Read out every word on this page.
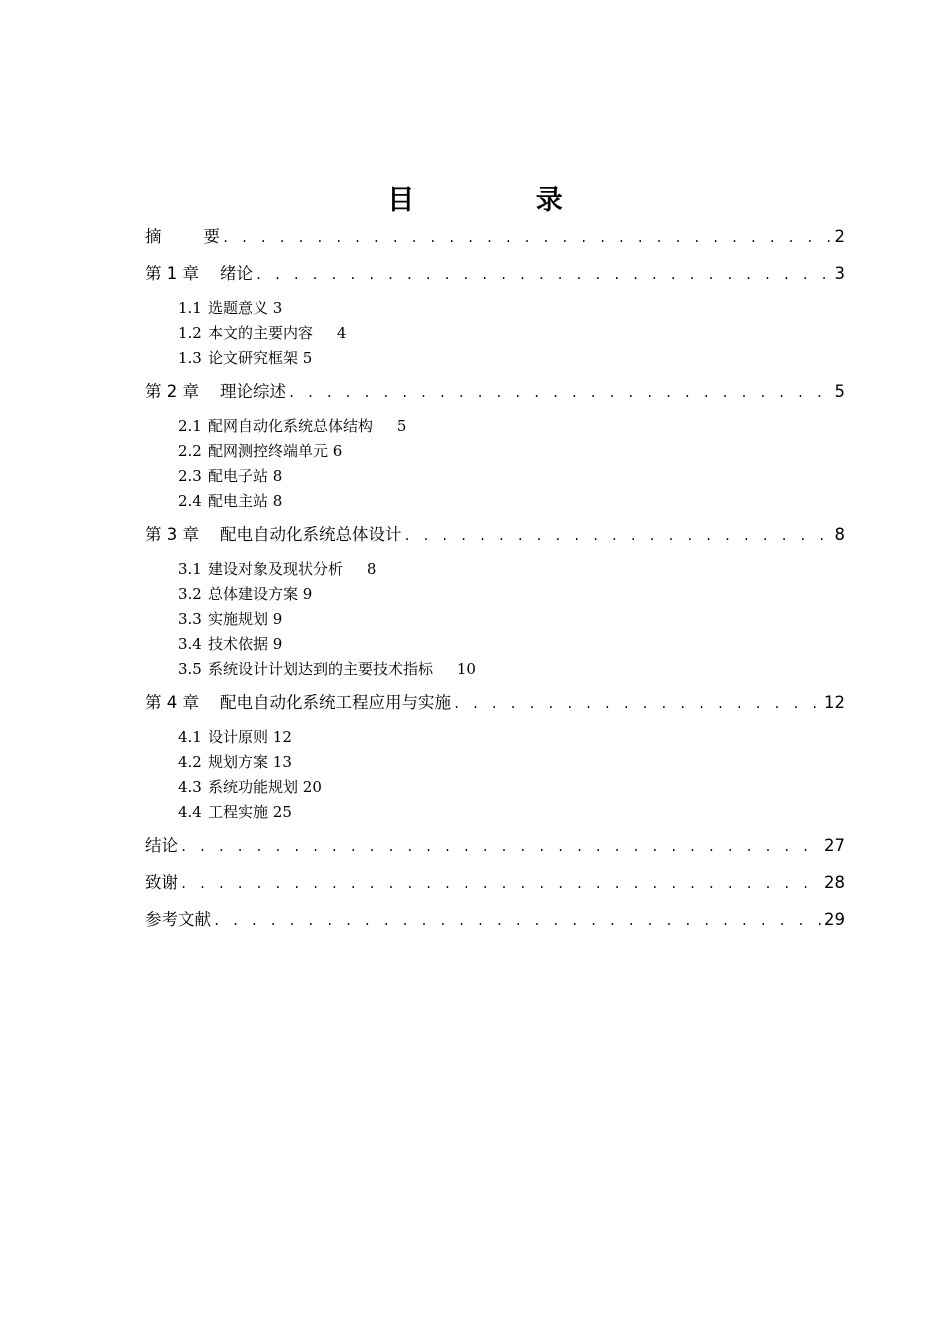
目 录
摘        要 . . .	2
第 1 章    绪论 . . .	3
1.1 选题意义 3
1.2 本文的主要内容 4
1.3 论文研究框架 5
第 2 章    理论综述 . . .	5
2.1 配网自动化系统总体结构 5
2.2 配网测控终端单元 6
2.3 配电子站 8
2.4 配电主站 8
第 3 章    配电自动化系统总体设计 . . .	8
3.1 建设对象及现状分析 8
3.2 总体建设方案 9
3.3 实施规划 9
3.4 技术依据 9
3.5 系统设计计划达到的主要技术指标 10
第 4 章    配电自动化系统工程应用与实施 . . .	12
4.1 设计原则 12
4.2 规划方案 13
4.3 系统功能规划 20
4.4 工程实施 25
结论 . . .	27
致谢 . . .	28
参考文献 . . .	29
